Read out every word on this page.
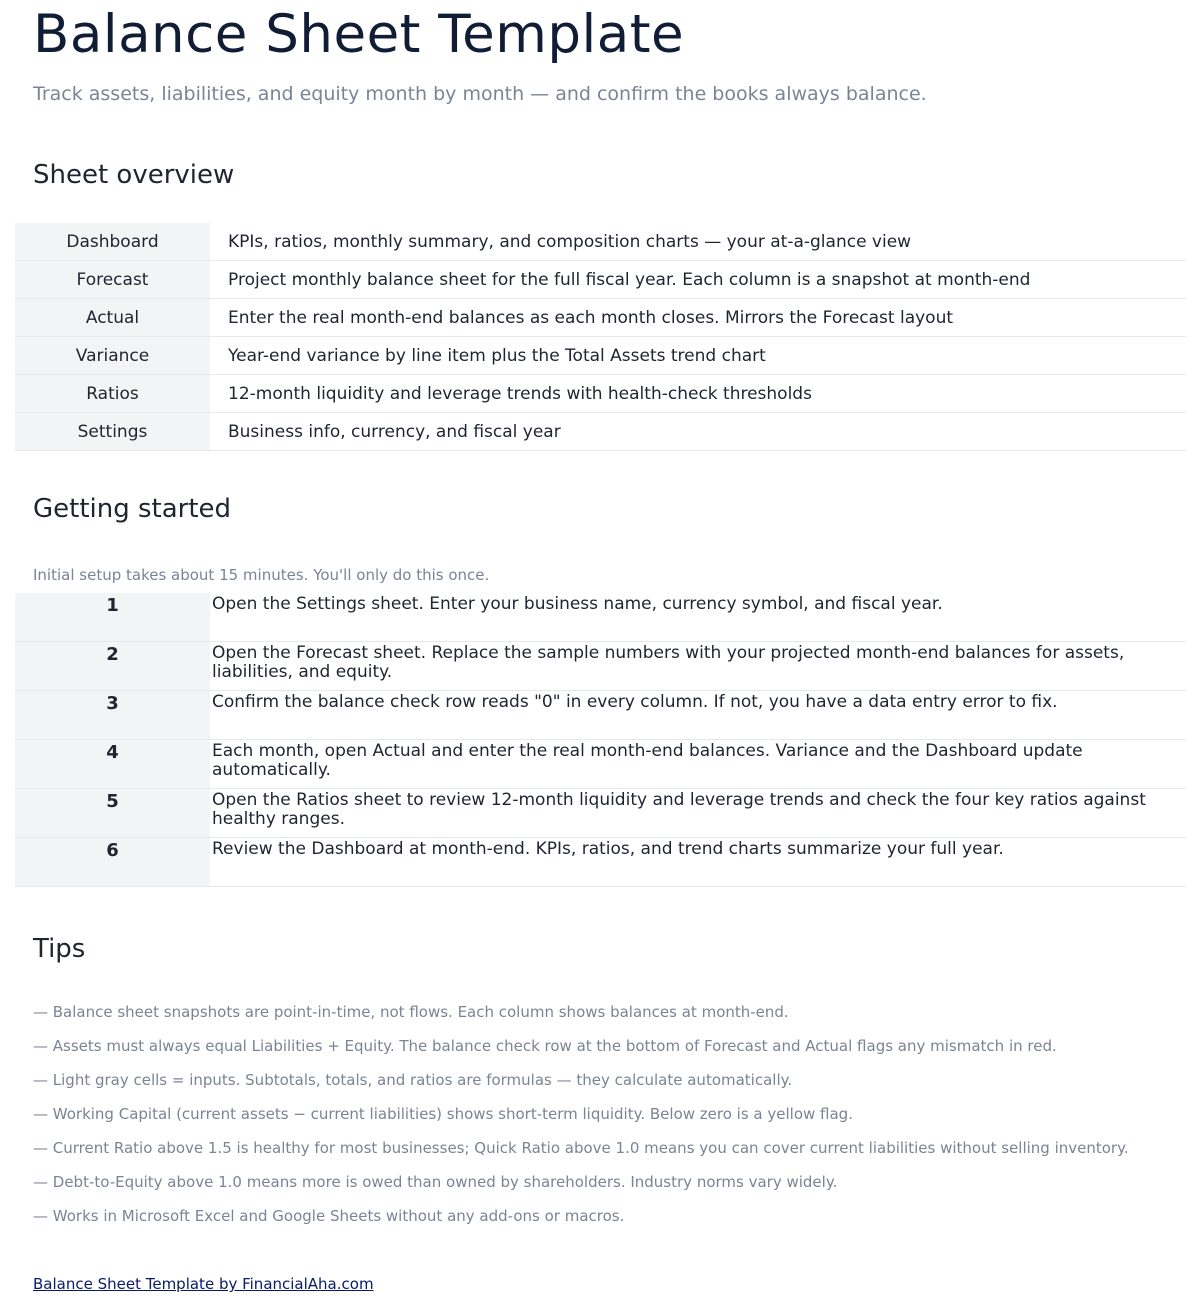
Balance Sheet Template
Track assets, liabilities, and equity month by month — and confirm the books always balance.
Sheet overview
Dashboard	KPIs, ratios, monthly summary, and composition charts — your at-a-glance view
Forecast	Project monthly balance sheet for the full fiscal year. Each column is a snapshot at month-end
Actual	Enter the real month-end balances as each month closes. Mirrors the Forecast layout
Variance	Year-end variance by line item plus the Total Assets trend chart
Ratios	12-month liquidity and leverage trends with health-check thresholds
Settings	Business info, currency, and fiscal year
Getting started
Initial setup takes about 15 minutes. You'll only do this once.
1	Open the Settings sheet. Enter your business name, currency symbol, and fiscal year.
2	Open the Forecast sheet. Replace the sample numbers with your projected month-end balances for assets, liabilities, and equity.
3	Confirm the balance check row reads "0" in every column. If not, you have a data entry error to fix.
4	Each month, open Actual and enter the real month-end balances. Variance and the Dashboard update automatically.
5	Open the Ratios sheet to review 12-month liquidity and leverage trends and check the four key ratios against healthy ranges.
6	Review the Dashboard at month-end. KPIs, ratios, and trend charts summarize your full year.
Tips
— Balance sheet snapshots are point-in-time, not flows. Each column shows balances at month-end.
— Assets must always equal Liabilities + Equity. The balance check row at the bottom of Forecast and Actual flags any mismatch in red.
— Light gray cells = inputs. Subtotals, totals, and ratios are formulas — they calculate automatically.
— Working Capital (current assets − current liabilities) shows short-term liquidity. Below zero is a yellow flag.
— Current Ratio above 1.5 is healthy for most businesses; Quick Ratio above 1.0 means you can cover current liabilities without selling inventory.
— Debt-to-Equity above 1.0 means more is owed than owned by shareholders. Industry norms vary widely.
— Works in Microsoft Excel and Google Sheets without any add-ons or macros.
Balance Sheet Template by FinancialAha.com
